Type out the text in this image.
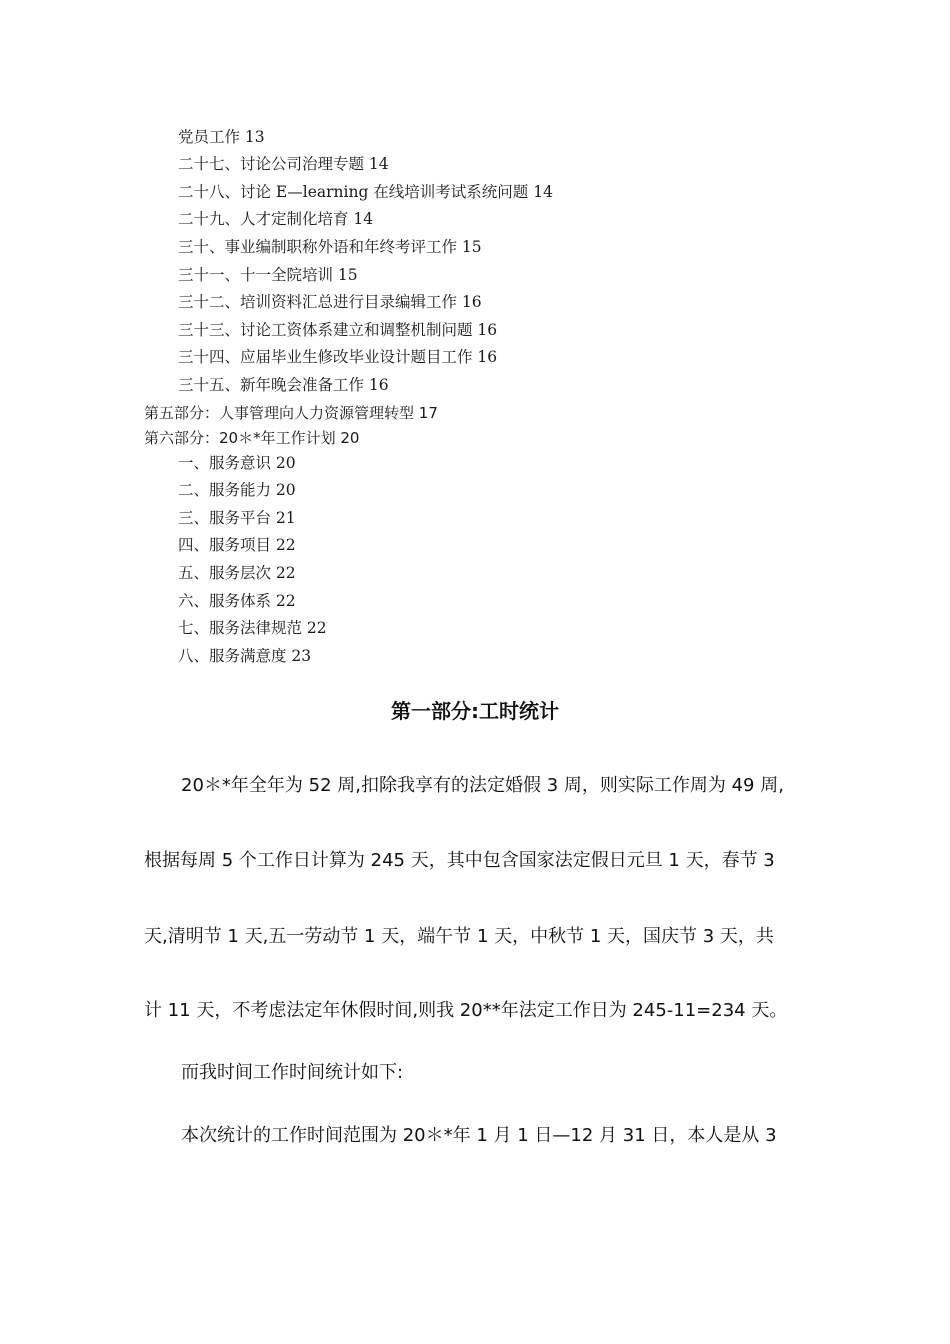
党员工作 13
二十七、讨论公司治理专题 14
二十八、讨论 E—learning 在线培训考试系统问题 14
二十九、人才定制化培育 14
三十、事业编制职称外语和年终考评工作 15
三十一、十一全院培训 15
三十二、培训资料汇总进行目录编辑工作 16
三十三、讨论工资体系建立和调整机制问题 16
三十四、应届毕业生修改毕业设计题目工作 16
三十五、新年晚会准备工作 16
第五部分：人事管理向人力资源管理转型 17
第六部分：20＊*年工作计划 20
一、服务意识 20
二、服务能力 20
三、服务平台 21
四、服务项目 22
五、服务层次 22
六、服务体系 22
七、服务法律规范 22
八、服务满意度 23
第一部分:工时统计
20＊*年全年为 52 周,扣除我享有的法定婚假 3 周，则实际工作周为 49 周,
根据每周 5 个工作日计算为 245 天，其中包含国家法定假日元旦 1 天，春节 3
天,清明节 1 天,五一劳动节 1 天，端午节 1 天，中秋节 1 天，国庆节 3 天，共
计 11 天，不考虑法定年休假时间,则我 20**年法定工作日为 245-11=234 天。
而我时间工作时间统计如下:
本次统计的工作时间范围为 20＊*年 1 月 1 日—12 月 31 日，本人是从 3
